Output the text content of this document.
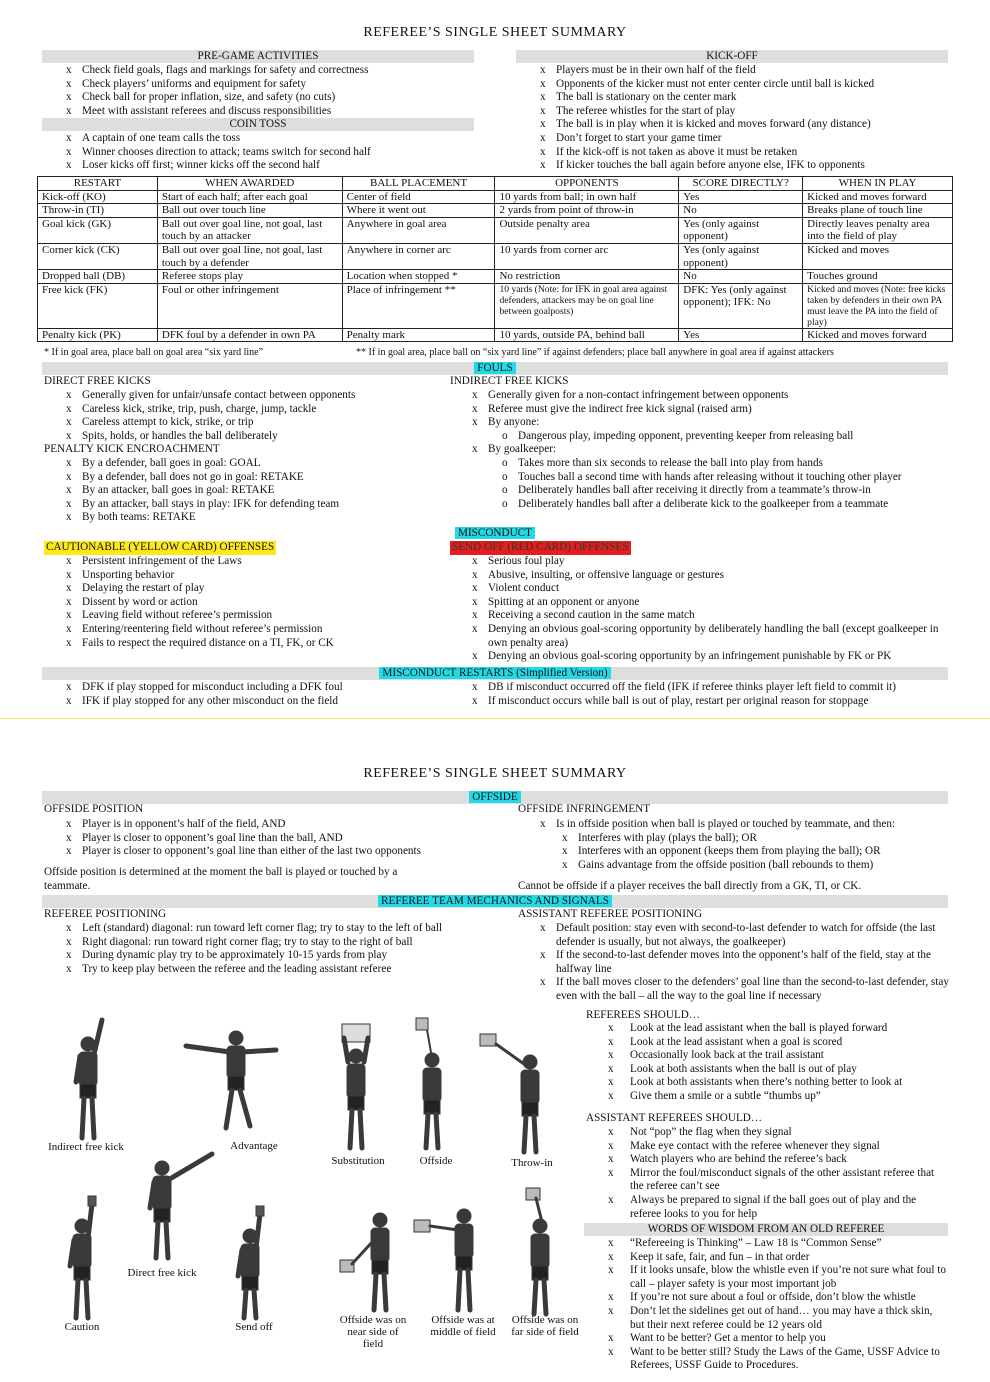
REFEREE’S SINGLE SHEET SUMMARY
PRE-GAME ACTIVITIES
x Check field goals, flags and markings for safety and correctness
x Check players’ uniforms and equipment for safety
x Check ball for proper inflation, size, and safety (no cuts)
x Meet with assistant referees and discuss responsibilities
COIN TOSS
x A captain of one team calls the toss
x Winner chooses direction to attack; teams switch for second half
x Loser kicks off first; winner kicks off the second half
KICK-OFF
x Players must be in their own half of the field
x Opponents of the kicker must not enter center circle until ball is kicked
x The ball is stationary on the center mark
x The referee whistles for the start of play
x The ball is in play when it is kicked and moves forward (any distance)
x Don’t forget to start your game timer
x If the kick-off is not taken as above it must be retaken
x If kicker touches the ball again before anyone else, IFK to opponents
RESTART	WHEN AWARDED	BALL PLACEMENT	OPPONENTS	SCORE DIRECTLY?	WHEN IN PLAY
Kick-off (KO)	Start of each half; after each goal	Center of field	10 yards from ball; in own half	Yes	Kicked and moves forward
Throw-in (TI)	Ball out over touch line	Where it went out	2 yards from point of throw-in	No	Breaks plane of touch line
Goal kick (GK)	Ball out over goal line, not goal, last touch by an attacker	Anywhere in goal area	Outside penalty area	Yes (only against opponent)	Directly leaves penalty area into the field of play
Corner kick (CK)	Ball out over goal line, not goal, last touch by a defender	Anywhere in corner arc	10 yards from corner arc	Yes (only against opponent)	Kicked and moves
Dropped ball (DB)	Referee stops play	Location when stopped *	No restriction	No	Touches ground
Free kick (FK)	Foul or other infringement	Place of infringement **	10 yards (Note: for IFK in goal area against defenders, attackers may be on goal line between goalposts)	DFK: Yes (only against opponent); IFK: No	Kicked and moves (Note: free kicks taken by defenders in their own PA must leave the PA into the field of play)
Penalty kick (PK)	DFK foul by a defender in own PA	Penalty mark	10 yards, outside PA, behind ball	Yes	Kicked and moves forward
* If in goal area, place ball on goal area “six yard line”	** If in goal area, place ball on “six yard line” if against defenders; place ball anywhere in goal area if against attackers
FOULS
DIRECT FREE KICKS
x Generally given for unfair/unsafe contact between opponents
x Careless kick, strike, trip, push, charge, jump, tackle
x Careless attempt to kick, strike, or trip
x Spits, holds, or handles the ball deliberately
PENALTY KICK ENCROACHMENT
x By a defender, ball goes in goal: GOAL
x By a defender, ball does not go in goal: RETAKE
x By an attacker, ball goes in goal: RETAKE
x By an attacker, ball stays in play: IFK for defending team
x By both teams: RETAKE
INDIRECT FREE KICKS
x Generally given for a non-contact infringement between opponents
x Referee must give the indirect free kick signal (raised arm)
x By anyone:
o Dangerous play, impeding opponent, preventing keeper from releasing ball
x By goalkeeper:
o Takes more than six seconds to release the ball into play from hands
o Touches ball a second time with hands after releasing without it touching other player
o Deliberately handles ball after receiving it directly from a teammate’s throw-in
o Deliberately handles ball after a deliberate kick to the goalkeeper from a teammate
MISCONDUCT
CAUTIONABLE (YELLOW CARD) OFFENSES
x Persistent infringement of the Laws
x Unsporting behavior
x Delaying the restart of play
x Dissent by word or action
x Leaving field without referee’s permission
x Entering/reentering field without referee’s permission
x Fails to respect the required distance on a TI, FK, or CK
SEND OFF (RED CARD) OFFENSES
x Serious foul play
x Abusive, insulting, or offensive language or gestures
x Violent conduct
x Spitting at an opponent or anyone
x Receiving a second caution in the same match
x Denying an obvious goal-scoring opportunity by deliberately handling the ball (except goalkeeper in own penalty area)
x Denying an obvious goal-scoring opportunity by an infringement punishable by FK or PK
MISCONDUCT RESTARTS (Simplified Version)
x DFK if play stopped for misconduct including a DFK foul
x IFK if play stopped for any other misconduct on the field
x DB if misconduct occurred off the field (IFK if referee thinks player left field to commit it)
x If misconduct occurs while ball is out of play, restart per original reason for stoppage
REFEREE’S SINGLE SHEET SUMMARY
OFFSIDE
OFFSIDE POSITION
x Player is in opponent’s half of the field, AND
x Player is closer to opponent’s goal line than the ball, AND
x Player is closer to opponent’s goal line than either of the last two opponents
Offside position is determined at the moment the ball is played or touched by a teammate.
OFFSIDE INFRINGEMENT
x Is in offside position when ball is played or touched by teammate, and then:
x Interferes with play (plays the ball); OR
x Interferes with an opponent (keeps them from playing the ball); OR
x Gains advantage from the offside position (ball rebounds to them)
Cannot be offside if a player receives the ball directly from a GK, TI, or CK.
REFEREE TEAM MECHANICS AND SIGNALS
REFEREE POSITIONING
x Left (standard) diagonal: run toward left corner flag; try to stay to the left of ball
x Right diagonal: run toward right corner flag; try to stay to the right of ball
x During dynamic play try to be approximately 10-15 yards from play
x Try to keep play between the referee and the leading assistant referee
ASSISTANT REFEREE POSITIONING
x Default position: stay even with second-to-last defender to watch for offside (the last defender is usually, but not always, the goalkeeper)
x If the second-to-last defender moves into the opponent’s half of the field, stay at the halfway line
x If the ball moves closer to the defenders’ goal line than the second-to-last defender, stay even with the ball – all the way to the goal line if necessary
REFEREES SHOULD…
x Look at the lead assistant when the ball is played forward
x Look at the lead assistant when a goal is scored
x Occasionally look back at the trail assistant
x Look at both assistants when the ball is out of play
x Look at both assistants when there’s nothing better to look at
x Give them a smile or a subtle “thumbs up”
ASSISTANT REFEREES SHOULD…
x Not “pop” the flag when they signal
x Make eye contact with the referee whenever they signal
x Watch players who are behind the referee’s back
x Mirror the foul/misconduct signals of the other assistant referee that the referee can’t see
x Always be prepared to signal if the ball goes out of play and the referee looks to you for help
WORDS OF WISDOM FROM AN OLD REFEREE
x “Refereeing is Thinking” – Law 18 is “Common Sense”
x Keep it safe, fair, and fun – in that order
x If it looks unsafe, blow the whistle even if you’re not sure what foul to call – player safety is your most important job
x If you’re not sure about a foul or offside, don’t blow the whistle
x Don’t let the sidelines get out of hand… you may have a thick skin, but their next referee could be 12 years old
x Want to be better? Get a mentor to help you
x Want to be better still? Study the Laws of the Game, USSF Advice to Referees, USSF Guide to Procedures.
Indirect free kick	Advantage
Direct free kick
Caution	Send off
Substitution	Offside	Throw-in
Offside was on near side of field
Offside was at middle of field
Offside was on far side of field
